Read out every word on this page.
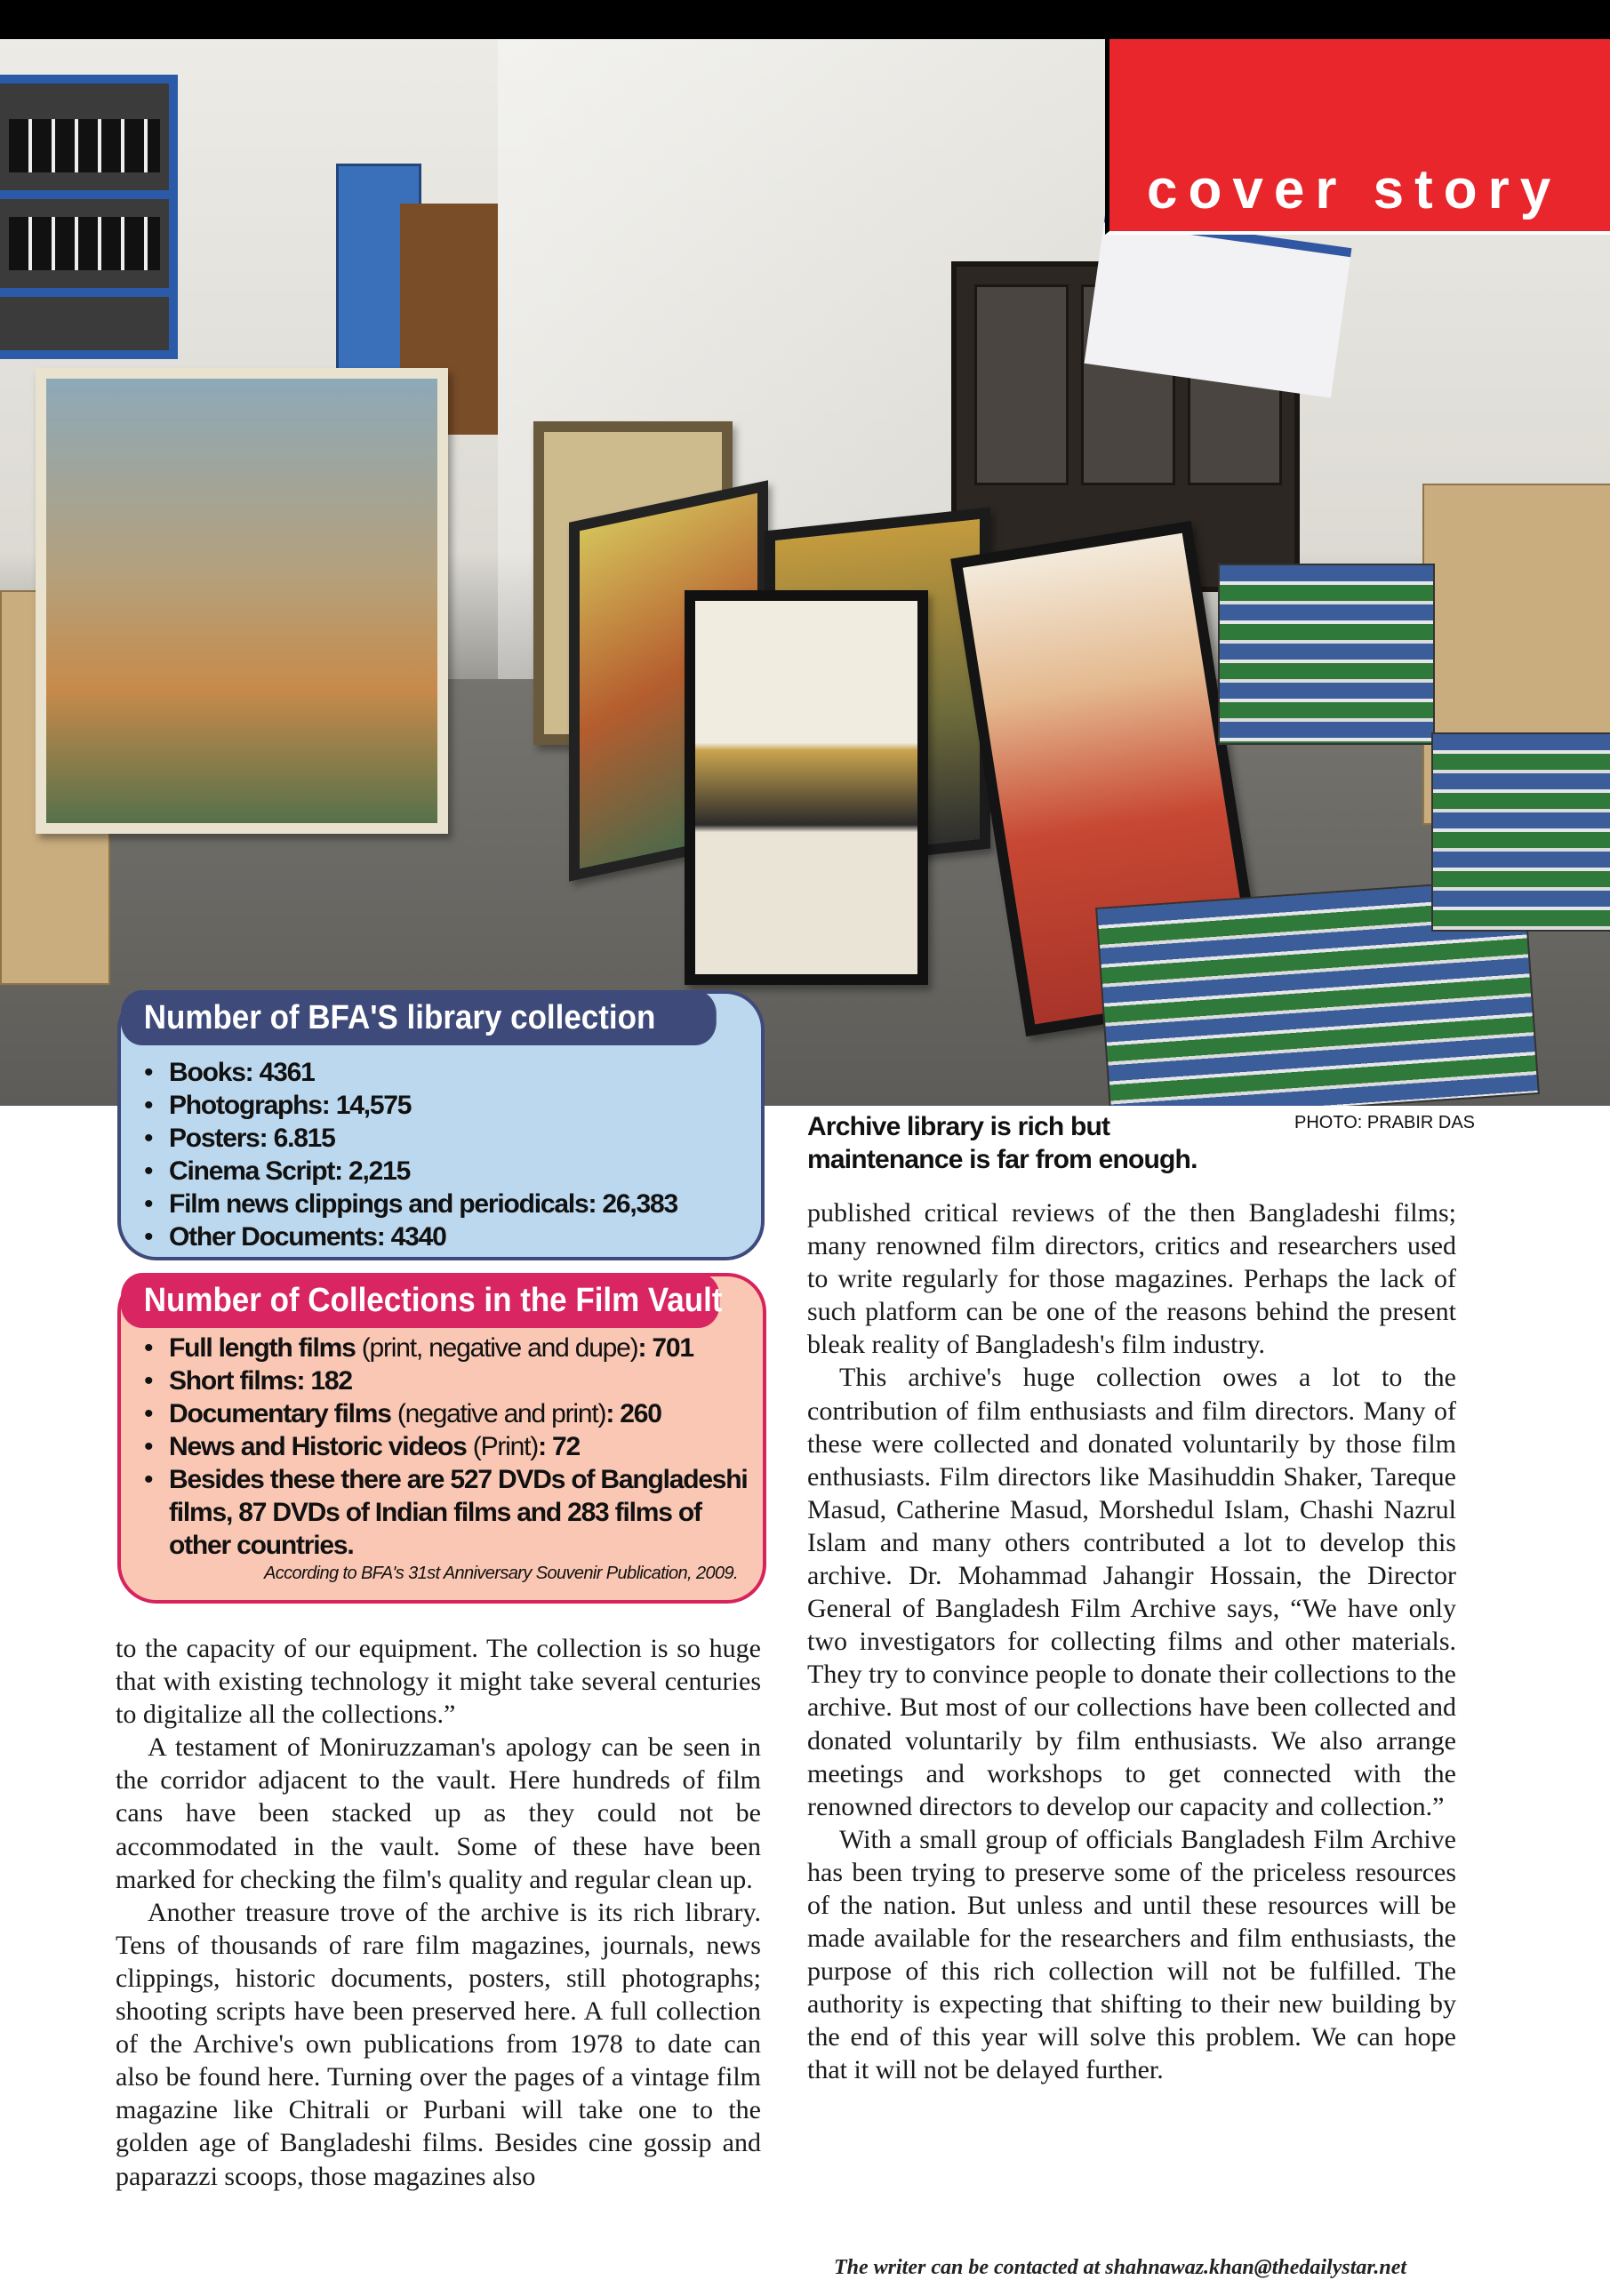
cover story
Number of BFA'S library collection
• Books: 4361
• Photographs: 14,575
• Posters: 6.815
• Cinema Script: 2,215
• Film news clippings and periodicals: 26,383
• Other Documents: 4340
Number of Collections in the Film Vault
• Full length films (print, negative and dupe): 701
• Short films: 182
• Documentary films (negative and print): 260
• News and Historic videos (Print): 72
• Besides these there are 527 DVDs of Bangladeshi films, 87 DVDs of Indian films and 283 films of other countries.
According to BFA's 31st Anniversary Souvenir Publication, 2009.
Archive library is rich but maintenance is far from enough.
PHOTO: PRABIR DAS

to the capacity of our equipment. The collection is so huge that with existing technology it might take several centuries to digitalize all the collections.”

A testament of Moniruzzaman's apology can be seen in the corridor adjacent to the vault. Here hundreds of film cans have been stacked up as they could not be accommodated in the vault. Some of these have been marked for checking the film's quality and regular clean up.

Another treasure trove of the archive is its rich library. Tens of thousands of rare film magazines, journals, news clippings, historic documents, posters, still photographs; shooting scripts have been preserved here. A full collection of the Archive's own publications from 1978 to date can also be found here. Turning over the pages of a vintage film magazine like Chitrali or Purbani will take one to the golden age of Bangladeshi films. Besides cine gossip and paparazzi scoops, those magazines also

published critical reviews of the then Bangladeshi films; many renowned film directors, critics and researchers used to write regularly for those magazines. Perhaps the lack of such platform can be one of the reasons behind the present bleak reality of Bangladesh's film industry.

This archive's huge collection owes a lot to the contribution of film enthusiasts and film directors. Many of these were collected and donated voluntarily by those film enthusiasts. Film directors like Masihuddin Shaker, Tareque Masud, Catherine Masud, Morshedul Islam, Chashi Nazrul Islam and many others contributed a lot to develop this archive. Dr. Mohammad Jahangir Hossain, the Director General of Bangladesh Film Archive says, “We have only two investigators for collecting films and other materials. They try to convince people to donate their collections to the archive. But most of our collections have been collected and donated voluntarily by film enthusiasts. We also arrange meetings and workshops to get connected with the renowned directors to develop our capacity and collection.”

With a small group of officials Bangladesh Film Archive has been trying to preserve some of the priceless resources of the nation. But unless and until these resources will be made available for the researchers and film enthusiasts, the purpose of this rich collection will not be fulfilled. The authority is expecting that shifting to their new building by the end of this year will solve this problem. We can hope that it will not be delayed further.

The writer can be contacted at shahnawaz.khan@thedailystar.net
